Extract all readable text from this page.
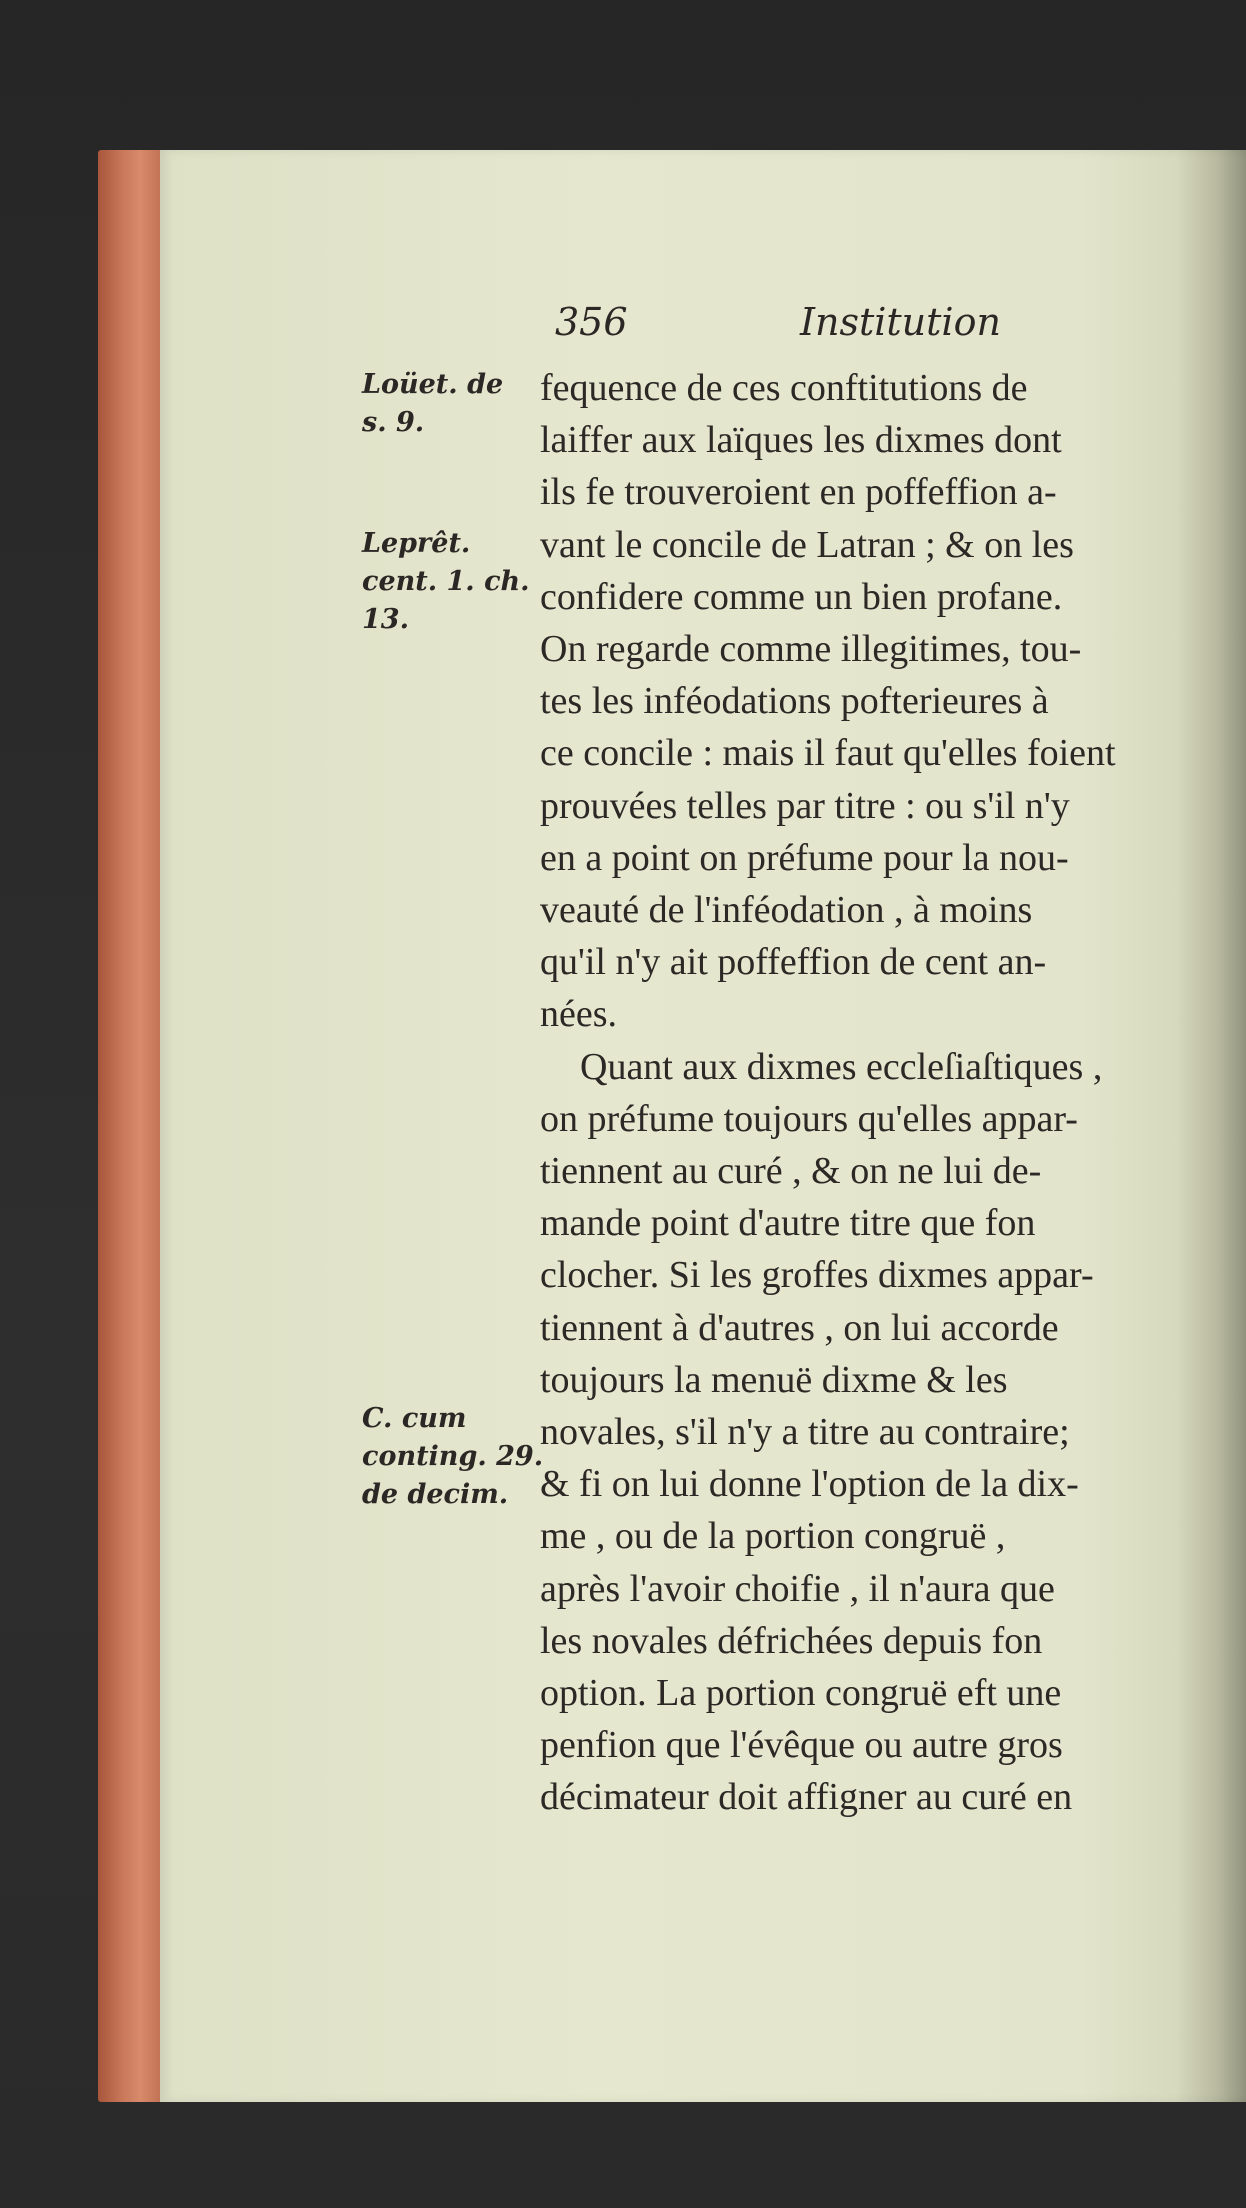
356	Institution
Loüet. de
s. 9.
Leprêt.
cent. 1. ch.
13.
C. cum
conting. 29.
de decim.
fequence de ces conftitutions de
laiffer aux laïques les dixmes dont
ils fe trouveroient en poffeffion a-
vant le concile de Latran ; & on les
confidere comme un bien profane.
On regarde comme illegitimes, tou-
tes les inféodations pofterieures à
ce concile : mais il faut qu'elles foient
prouvées telles par titre : ou s'il n'y
en a point on préfume pour la nou-
veauté de l'inféodation , à moins
qu'il n'y ait poffeffion de cent an-
nées.
Quant aux dixmes eccleſiaſtiques ,
on préfume toujours qu'elles appar-
tiennent au curé , & on ne lui de-
mande point d'autre titre que fon
clocher. Si les groffes dixmes appar-
tiennent à d'autres , on lui accorde
toujours la menuë dixme & les
novales, s'il n'y a titre au contraire;
& fi on lui donne l'option de la dix-
me , ou de la portion congruë ,
après l'avoir choifie , il n'aura que
les novales défrichées depuis fon
option. La portion congruë eft une
penfion que l'évêque ou autre gros
décimateur doit affigner au curé en
